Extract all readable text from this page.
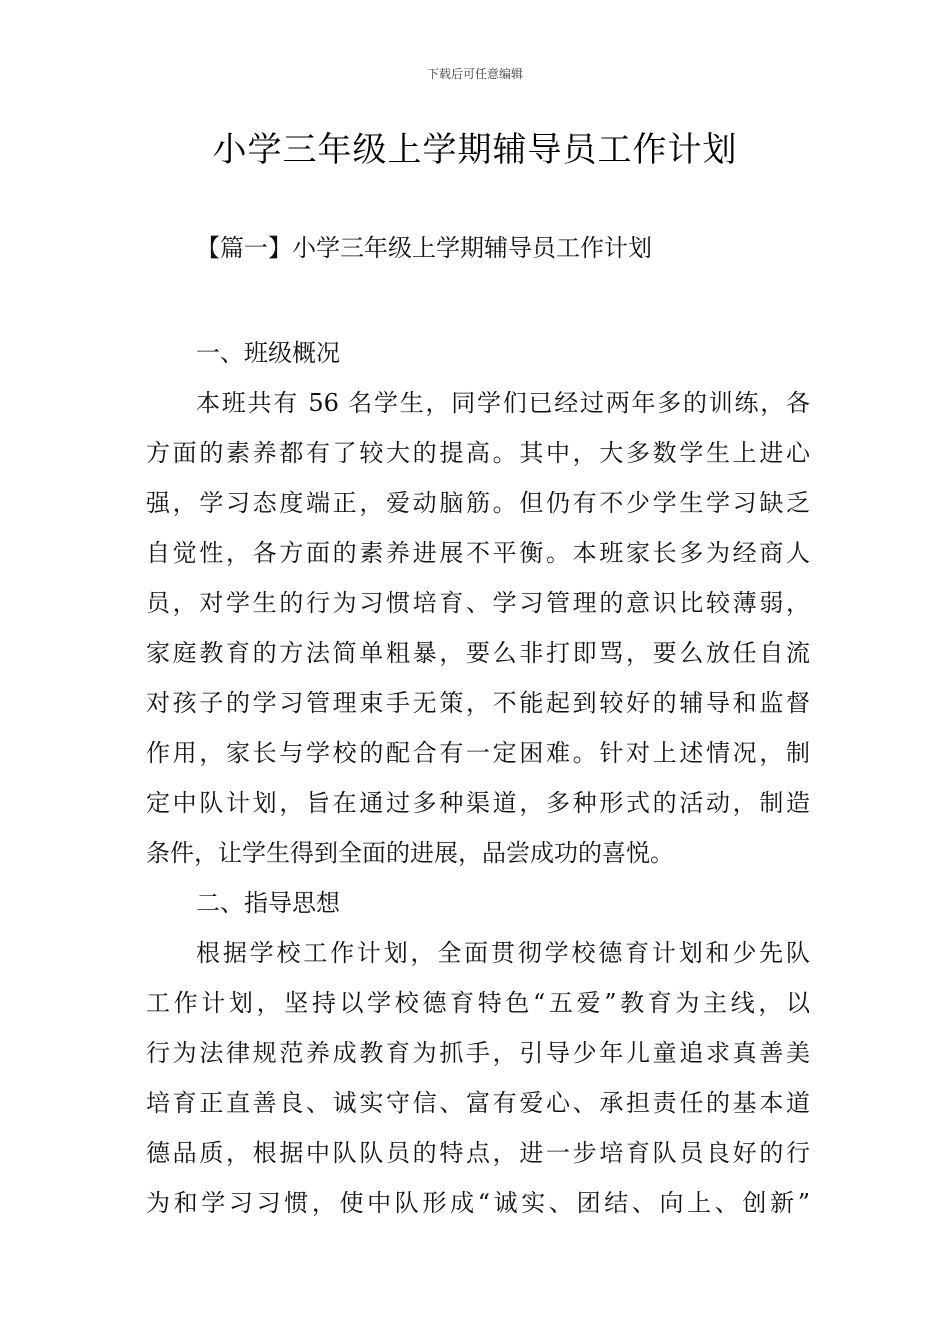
下载后可任意编辑
小学三年级上学期辅导员工作计划
【篇一】小学三年级上学期辅导员工作计划
一、班级概况
本班共有 56 名学生，同学们已经过两年多的训练，各
方面的素养都有了较大的提高。其中，大多数学生上进心
强，学习态度端正，爱动脑筋。但仍有不少学生学习缺乏
自觉性，各方面的素养进展不平衡。本班家长多为经商人
员，对学生的行为习惯培育、学习管理的意识比较薄弱，
家庭教育的方法简单粗暴，要么非打即骂，要么放任自流
对孩子的学习管理束手无策，不能起到较好的辅导和监督
作用，家长与学校的配合有一定困难。针对上述情况，制
定中队计划，旨在通过多种渠道，多种形式的活动，制造
条件，让学生得到全面的进展，品尝成功的喜悦。
二、指导思想
根据学校工作计划，全面贯彻学校德育计划和少先队
工作计划，坚持以学校德育特色“五爱”教育为主线，以
行为法律规范养成教育为抓手，引导少年儿童追求真善美
培育正直善良、诚实守信、富有爱心、承担责任的基本道
德品质，根据中队队员的特点，进一步培育队员良好的行
为和学习习惯，使中队形成“诚实、团结、向上、创新”
